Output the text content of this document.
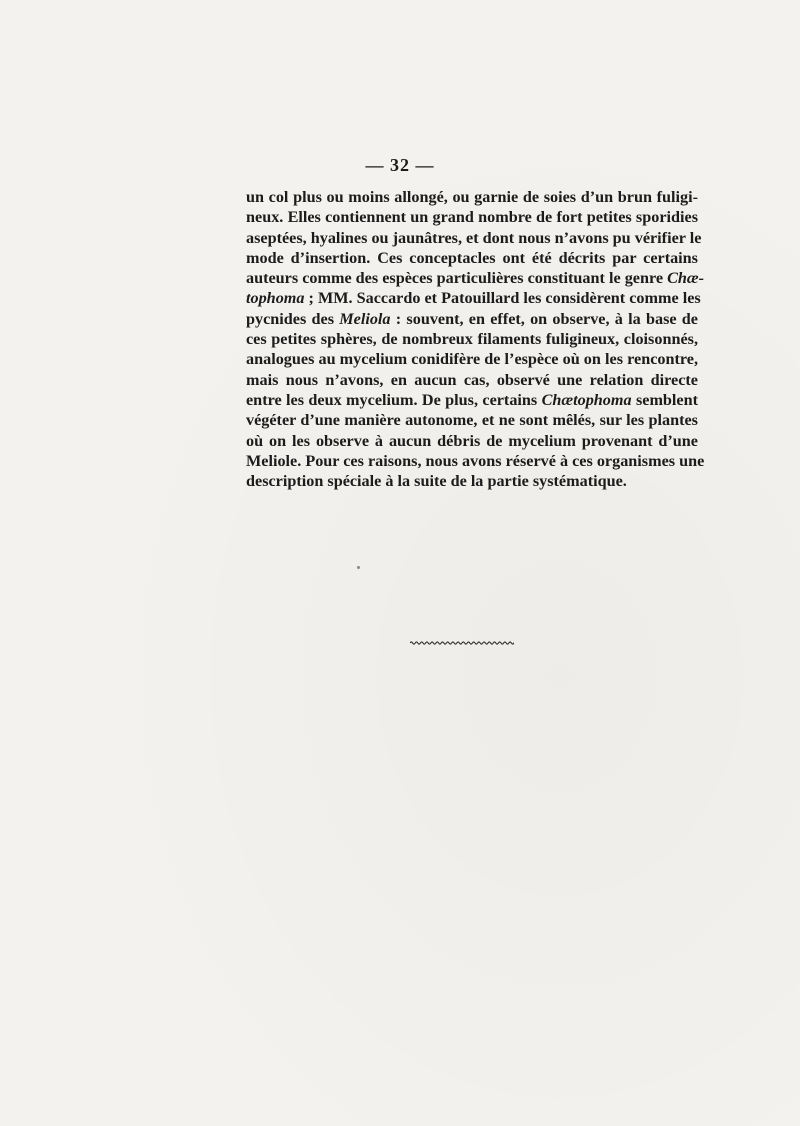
— 32 —
un col plus ou moins allongé, ou garnie de soies d’un brun fuligi-
neux. Elles contiennent un grand nombre de fort petites sporidies
aseptées, hyalines ou jaunâtres, et dont nous n’avons pu vérifier le
mode d’insertion. Ces conceptacles ont été décrits par certains
auteurs comme des espèces particulières constituant le genre Chæ-
tophoma ; MM. Saccardo et Patouillard les considèrent comme les
pycnides des Meliola : souvent, en effet, on observe, à la base de
ces petites sphères, de nombreux filaments fuligineux, cloisonnés,
analogues au mycelium conidifère de l’espèce où on les rencontre,
mais nous n’avons, en aucun cas, observé une relation directe
entre les deux mycelium. De plus, certains Chætophoma semblent
végéter d’une manière autonome, et ne sont mêlés, sur les plantes
où on les observe à aucun débris de mycelium provenant d’une
Meliole. Pour ces raisons, nous avons réservé à ces organismes une
description spéciale à la suite de la partie systématique.
